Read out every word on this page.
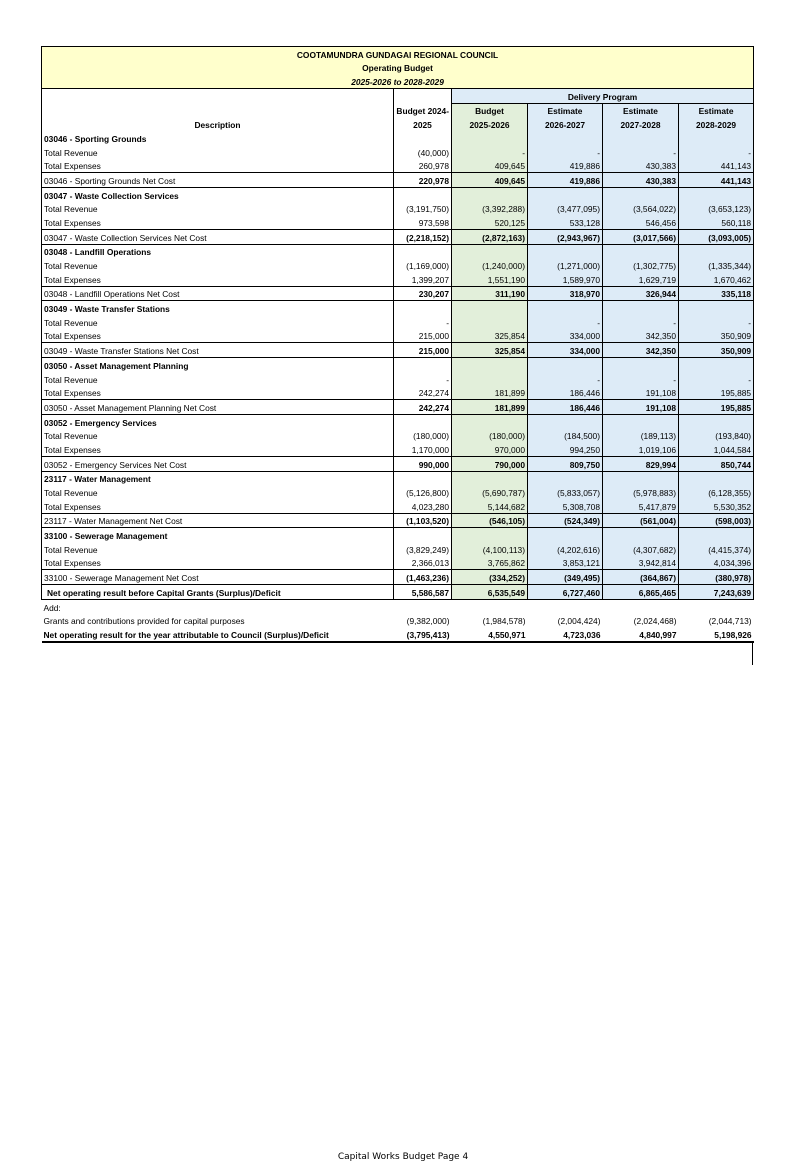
COOTAMUNDRA GUNDAGAI REGIONAL COUNCIL					
Operating Budget					
2025-2026 to 2028-2029					
		Delivery Program			
	Budget 2024-	Budget	Estimate	Estimate	Estimate
Description	2025	2025-2026	2026-2027	2027-2028	2028-2029
03046 - Sporting Grounds					
Total Revenue	(40,000)	-	-	-	-
Total Expenses	260,978	409,645	419,886	430,383	441,143
03046 - Sporting Grounds Net Cost	220,978	409,645	419,886	430,383	441,143
03047 - Waste Collection Services					
Total Revenue	(3,191,750)	(3,392,288)	(3,477,095)	(3,564,022)	(3,653,123)
Total Expenses	973,598	520,125	533,128	546,456	560,118
03047 - Waste Collection Services Net Cost	(2,218,152)	(2,872,163)	(2,943,967)	(3,017,566)	(3,093,005)
03048 - Landfill Operations					
Total Revenue	(1,169,000)	(1,240,000)	(1,271,000)	(1,302,775)	(1,335,344)
Total Expenses	1,399,207	1,551,190	1,589,970	1,629,719	1,670,462
03048 - Landfill Operations Net Cost	230,207	311,190	318,970	326,944	335,118
03049 - Waste Transfer Stations					
Total Revenue	-		-	-	-
Total Expenses	215,000	325,854	334,000	342,350	350,909
03049 - Waste Transfer Stations Net Cost	215,000	325,854	334,000	342,350	350,909
03050 - Asset Management Planning					
Total Revenue	-		-	-	-
Total Expenses	242,274	181,899	186,446	191,108	195,885
03050 - Asset Management Planning Net Cost	242,274	181,899	186,446	191,108	195,885
03052 - Emergency Services					
Total Revenue	(180,000)	(180,000)	(184,500)	(189,113)	(193,840)
Total Expenses	1,170,000	970,000	994,250	1,019,106	1,044,584
03052 - Emergency Services Net Cost	990,000	790,000	809,750	829,994	850,744
23117 - Water Management					
Total Revenue	(5,126,800)	(5,690,787)	(5,833,057)	(5,978,883)	(6,128,355)
Total Expenses	4,023,280	5,144,682	5,308,708	5,417,879	5,530,352
23117 - Water Management Net Cost	(1,103,520)	(546,105)	(524,349)	(561,004)	(598,003)
33100 - Sewerage Management					
Total Revenue	(3,829,249)	(4,100,113)	(4,202,616)	(4,307,682)	(4,415,374)
Total Expenses	2,366,013	3,765,862	3,853,121	3,942,814	4,034,396
33100 - Sewerage Management Net Cost	(1,463,236)	(334,252)	(349,495)	(364,867)	(380,978)
Net operating result before Capital Grants (Surplus)/Deficit	5,586,587	6,535,549	6,727,460	6,865,465	7,243,639
Add:					
Grants and contributions provided for capital purposes	(9,382,000)	(1,984,578)	(2,004,424)	(2,024,468)	(2,044,713)
Net operating result for the year attributable to Council (Surplus)/Deficit	(3,795,413)	4,550,971	4,723,036	4,840,997	5,198,926
Capital Works Budget Page 4
